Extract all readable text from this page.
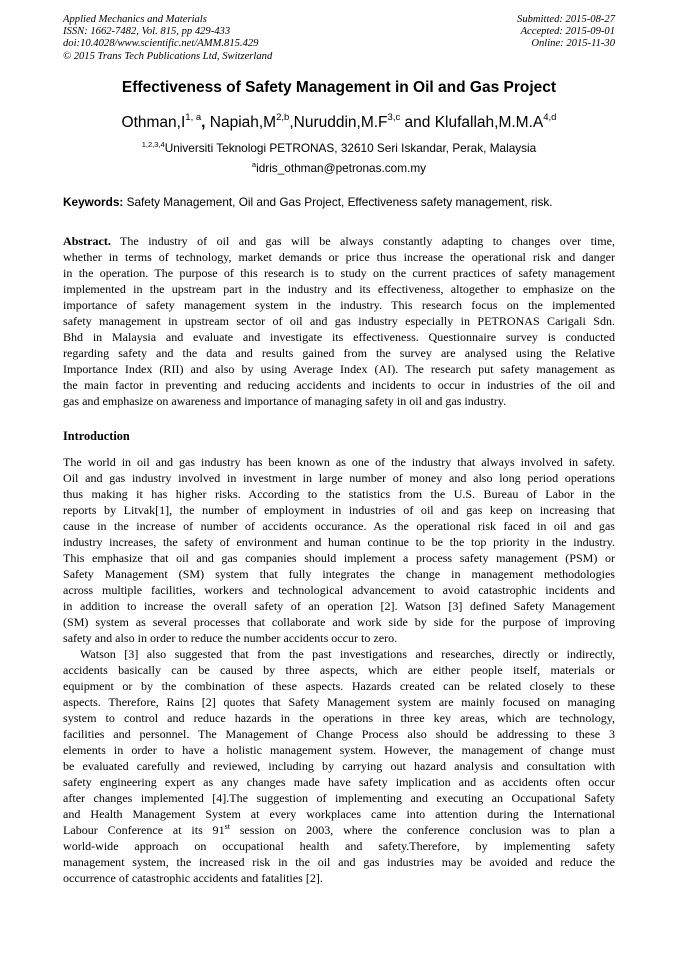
Applied Mechanics and Materials
ISSN: 1662-7482, Vol. 815, pp 429-433
doi:10.4028/www.scientific.net/AMM.815.429
© 2015 Trans Tech Publications Ltd, Switzerland
Submitted: 2015-08-27
Accepted: 2015-09-01
Online: 2015-11-30
Effectiveness of Safety Management in Oil and Gas Project
$Othman,I^{1, a}$, $Napiah,M^{2,b},Nuruddin,M.F^{3,c}$ and $Klufallah,M.M.A^{4,d}$
$^{1,2,3,4}$Universiti Teknologi PETRONAS, 32610 Seri Iskandar, Perak, Malaysia
$^a$idris_othman@petronas.com.my
Keywords: Safety Management, Oil and Gas Project, Effectiveness safety management, risk.
Abstract. The industry of oil and gas will be always constantly adapting to changes over time,
whether in terms of technology, market demands or price thus increase the operational risk and danger
in the operation. The purpose of this research is to study on the current practices of safety management
implemented in the upstream part in the industry and its effectiveness, altogether to emphasize on the
importance of safety management system in the industry. This research focus on the implemented
safety management in upstream sector of oil and gas industry especially in PETRONAS Carigali Sdn.
Bhd in Malaysia and evaluate and investigate its effectiveness. Questionnaire survey is conducted
regarding safety and the data and results gained from the survey are analysed using the Relative
Importance Index (RII) and also by using Average Index (AI). The research put safety management as
the main factor in preventing and reducing accidents and incidents to occur in industries of the oil and
gas and emphasize on awareness and importance of managing safety in oil and gas industry.
Introduction
The world in oil and gas industry has been known as one of the industry that always involved in safety.
Oil and gas industry involved in investment in large number of money and also long period operations
thus making it has higher risks. According to the statistics from the U.S. Bureau of Labor in the
reports by Litvak[1], the number of employment in industries of oil and gas keep on increasing that
cause in the increase of number of accidents occurance. As the operational risk faced in oil and gas
industry increases, the safety of environment and human continue to be the top priority in the industry.
This emphasize that oil and gas companies should implement a process safety management (PSM) or
Safety Management (SM) system that fully integrates the change in management methodologies
across multiple facilities, workers and technological advancement to avoid catastrophic incidents and
in addition to increase the overall safety of an operation [2]. Watson [3] defined Safety Management
(SM) system as several processes that collaborate and work side by side for the purpose of improving
safety and also in order to reduce the number accidents occur to zero.
Watson [3] also suggested that from the past investigations and researches, directly or indirectly,
accidents basically can be caused by three aspects, which are either people itself, materials or
equipment or by the combination of these aspects. Hazards created can be related closely to these
aspects. Therefore, Rains [2] quotes that Safety Management system are mainly focused on managing
system to control and reduce hazards in the operations in three key areas, which are technology,
facilities and personnel. The Management of Change Process also should be addressing to these 3
elements in order to have a holistic management system. However, the management of change must
be evaluated carefully and reviewed, including by carrying out hazard analysis and consultation with
safety engineering expert as any changes made have safety implication and as accidents often occur
after changes implemented [4].The suggestion of implementing and executing an Occupational Safety
and Health Management System at every workplaces came into attention during the International
Labour Conference at its 91st session on 2003, where the conference conclusion was to plan a
world-wide approach on occupational health and safety.Therefore, by implementing safety
management system, the increased risk in the oil and gas industries may be avoided and reduce the
occurrence of catastrophic accidents and fatalities [2].
